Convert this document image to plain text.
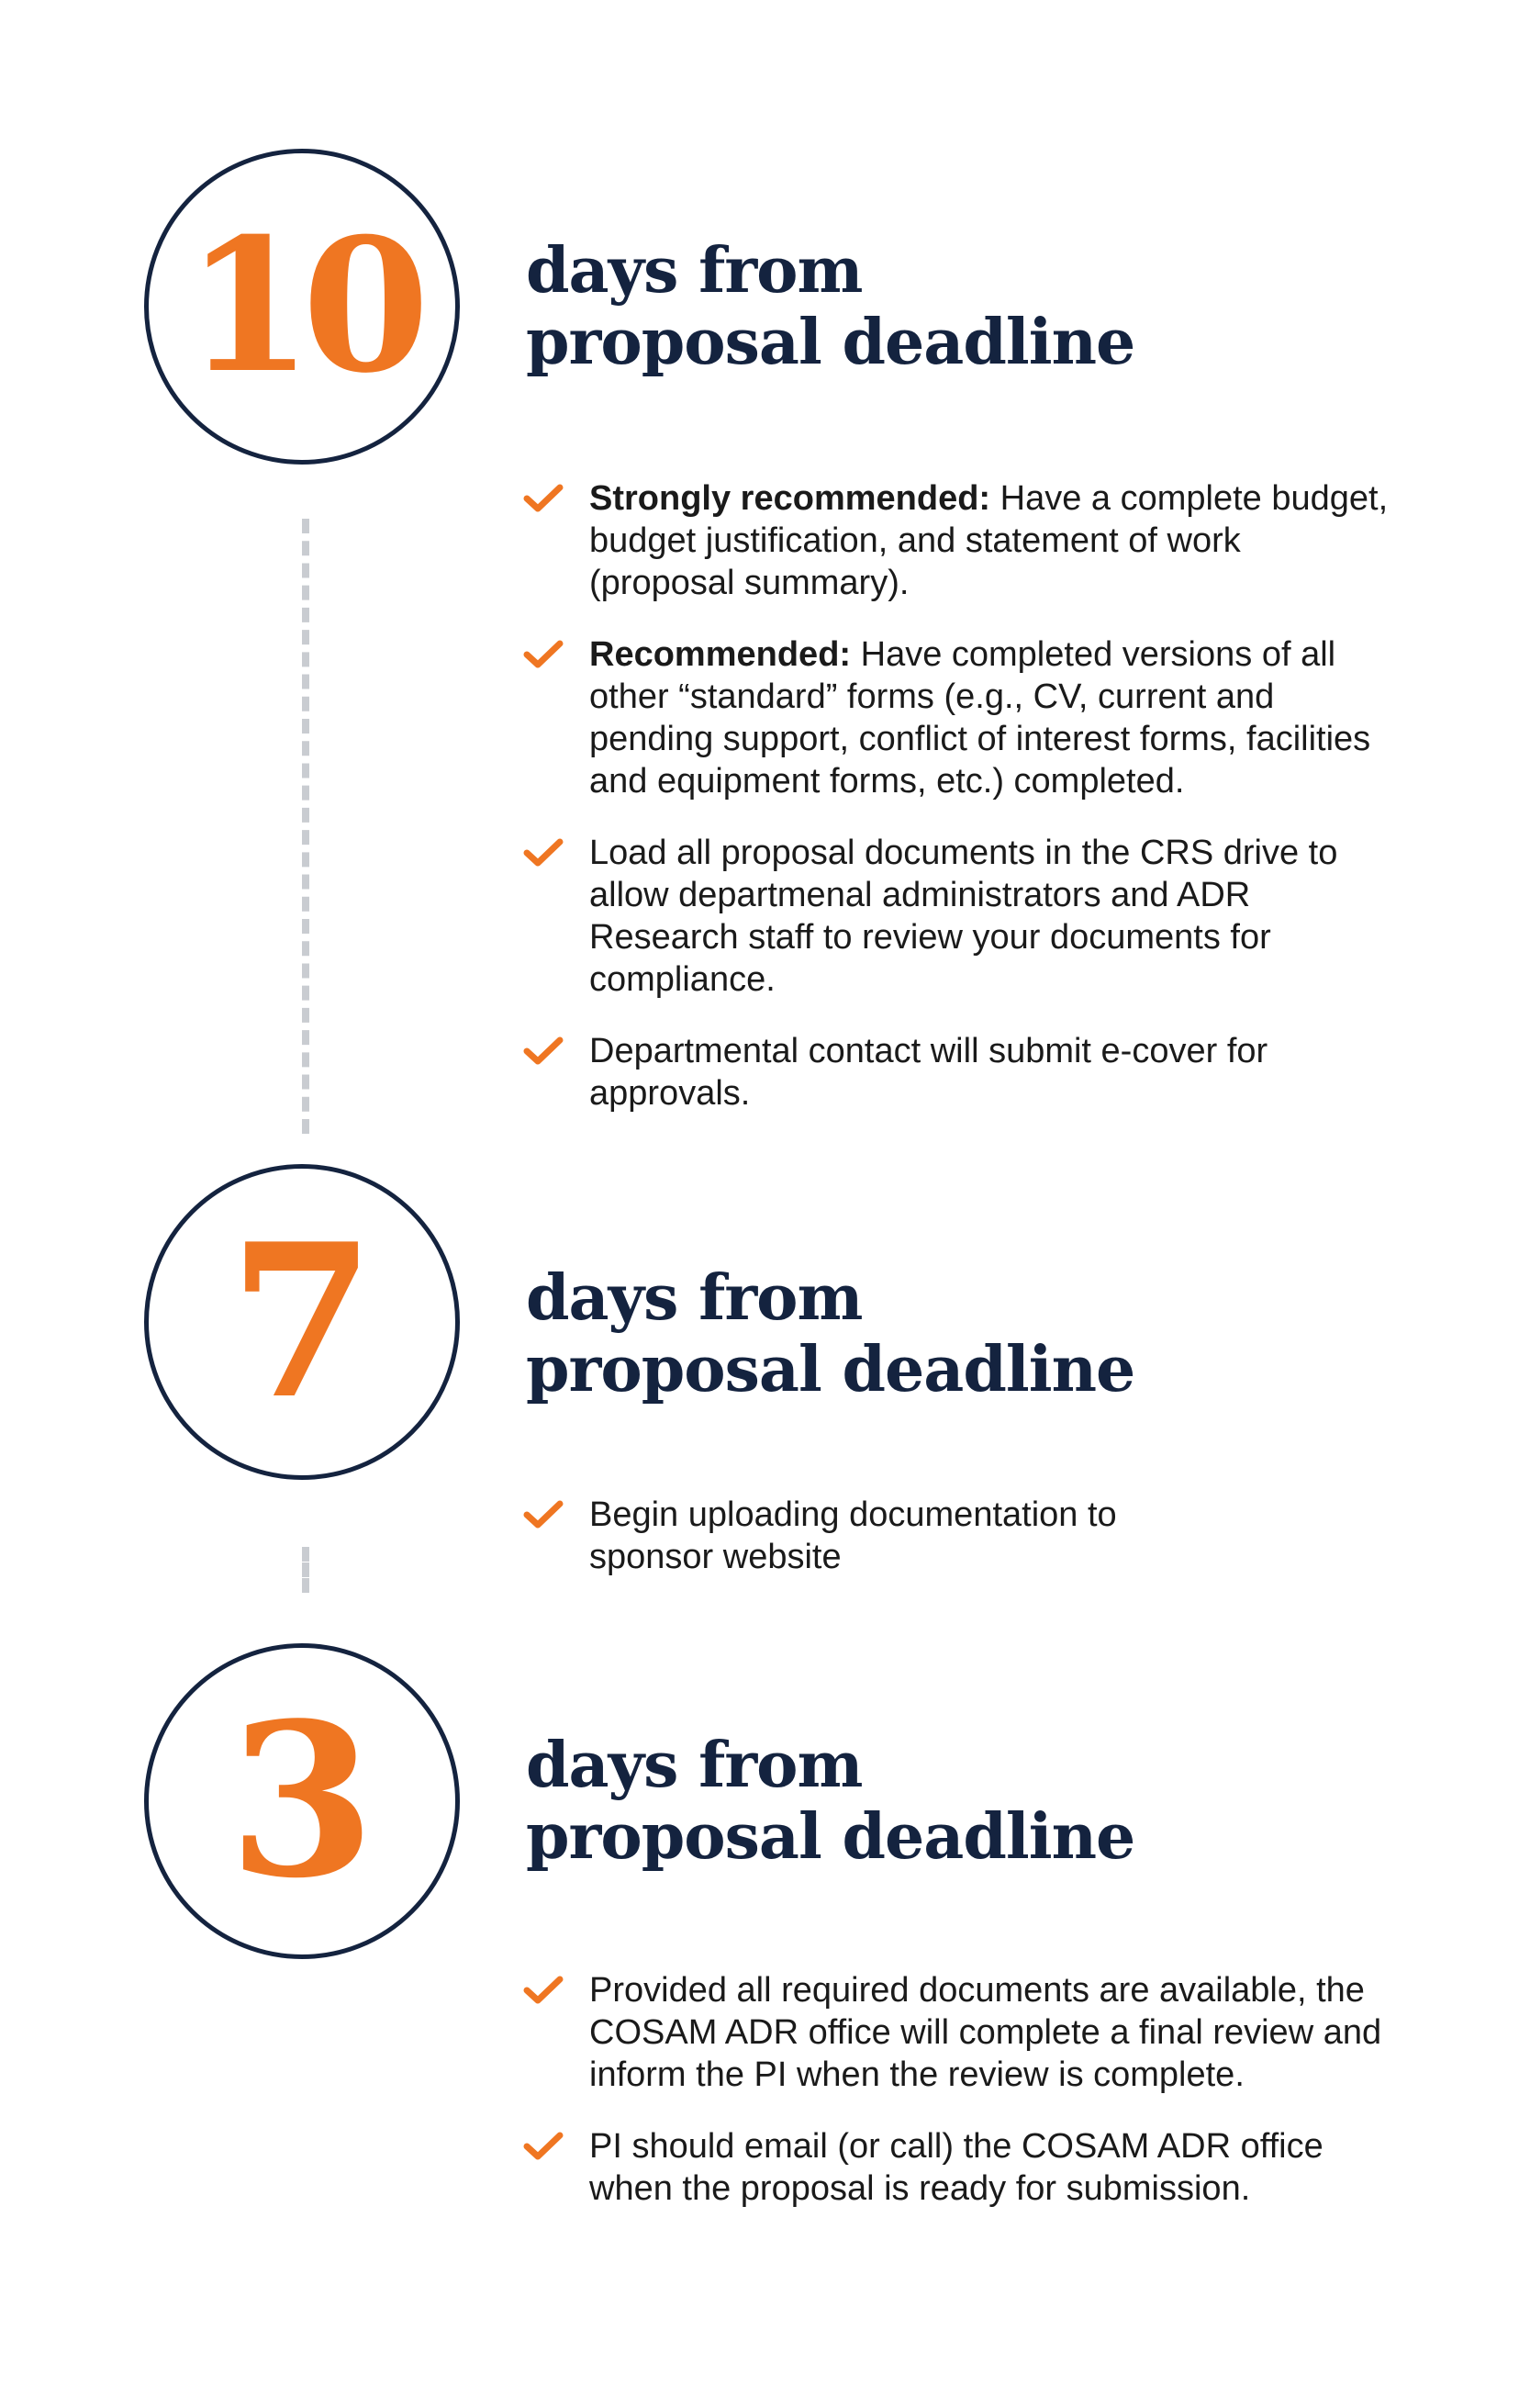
10 days from
proposal deadline
Strongly recommended: Have a complete budget, budget justification, and statement of work (proposal summary).
Recommended: Have completed versions of all other “standard” forms (e.g., CV, current and pending support, conflict of interest forms, facilities and equipment forms, etc.) completed.
Load all proposal documents in the CRS drive to allow departmenal administrators and ADR Research staff to review your documents for compliance.
Departmental contact will submit e-cover for approvals.
7 days from
proposal deadline
Begin uploading documentation to sponsor website
3 days from
proposal deadline
Provided all required documents are available, the COSAM ADR office will complete a final review and inform the PI when the review is complete.
PI should email (or call) the COSAM ADR office when the proposal is ready for submission.
